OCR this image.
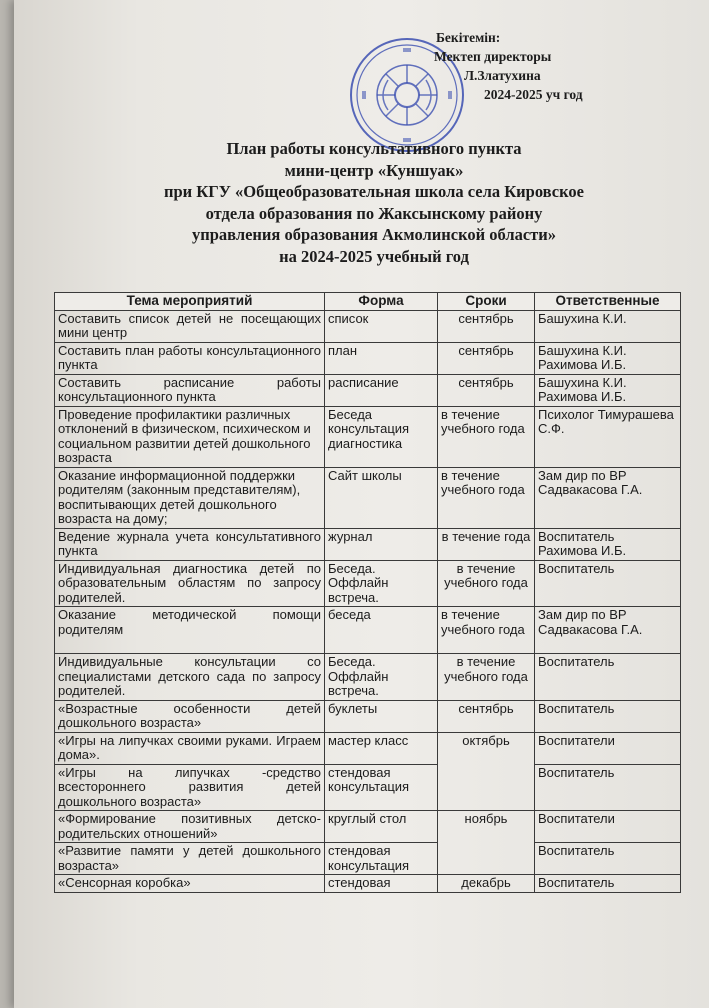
Бекітемін:
Мектеп директоры
Л.Златухина
2024-2025 уч год
План работы консультативного пункта
мини-центр «Куншуак»
при КГУ «Общеобразовательная школа села Кировское
отдела образования по Жаксынскому району
управления образования Акмолинской области»
на 2024-2025 учебный год
Тема мероприятий	Форма	Сроки	Ответственные
Составить список детей не посещающих мини центр	список	сентябрь	Башухина К.И.
Составить план работы консультационного пункта	план	сентябрь	Башухина К.И. Рахимова И.Б.
Составить расписание работы консультационного пункта	расписание	сентябрь	Башухина К.И. Рахимова И.Б.
Проведение профилактики различных отклонений в физическом, психическом и социальном развитии детей дошкольного возраста	Беседа консультация диагностика	в течение учебного года	Психолог Тимурашева С.Ф.
Оказание информационной поддержки родителям (законным представителям), воспитывающих детей дошкольного возраста на дому;	Сайт школы	в течение учебного года	Зам дир по ВР Садвакасова Г.А.
Ведение журнала учета консультативного пункта	журнал	в течение года	Воспитатель Рахимова И.Б.
Индивидуальная диагностика детей по образовательным областям по запросу родителей.	Беседа. Оффлайн встреча.	в течение учебного года	Воспитатель
Оказание методической помощи родителям	беседа	в течение учебного года	Зам дир по ВР Садвакасова Г.А.
Индивидуальные консультации со специалистами детского сада по запросу родителей.	Беседа. Оффлайн встреча.	в течение учебного года	Воспитатель
«Возрастные особенности детей дошкольного возраста»	буклеты	сентябрь	Воспитатель
«Игры на липучках своими руками. Играем дома».	мастер класс	октябрь	Воспитатели
«Игры на липучках -средство всестороннего развития детей дошкольного возраста»	стендовая консультация		Воспитатель
«Формирование позитивных детско-родительских отношений»	круглый стол	ноябрь	Воспитатели
«Развитие памяти у детей дошкольного возраста»	стендовая консультация		Воспитатель
«Сенсорная коробка»	стендовая	декабрь	Воспитатель
